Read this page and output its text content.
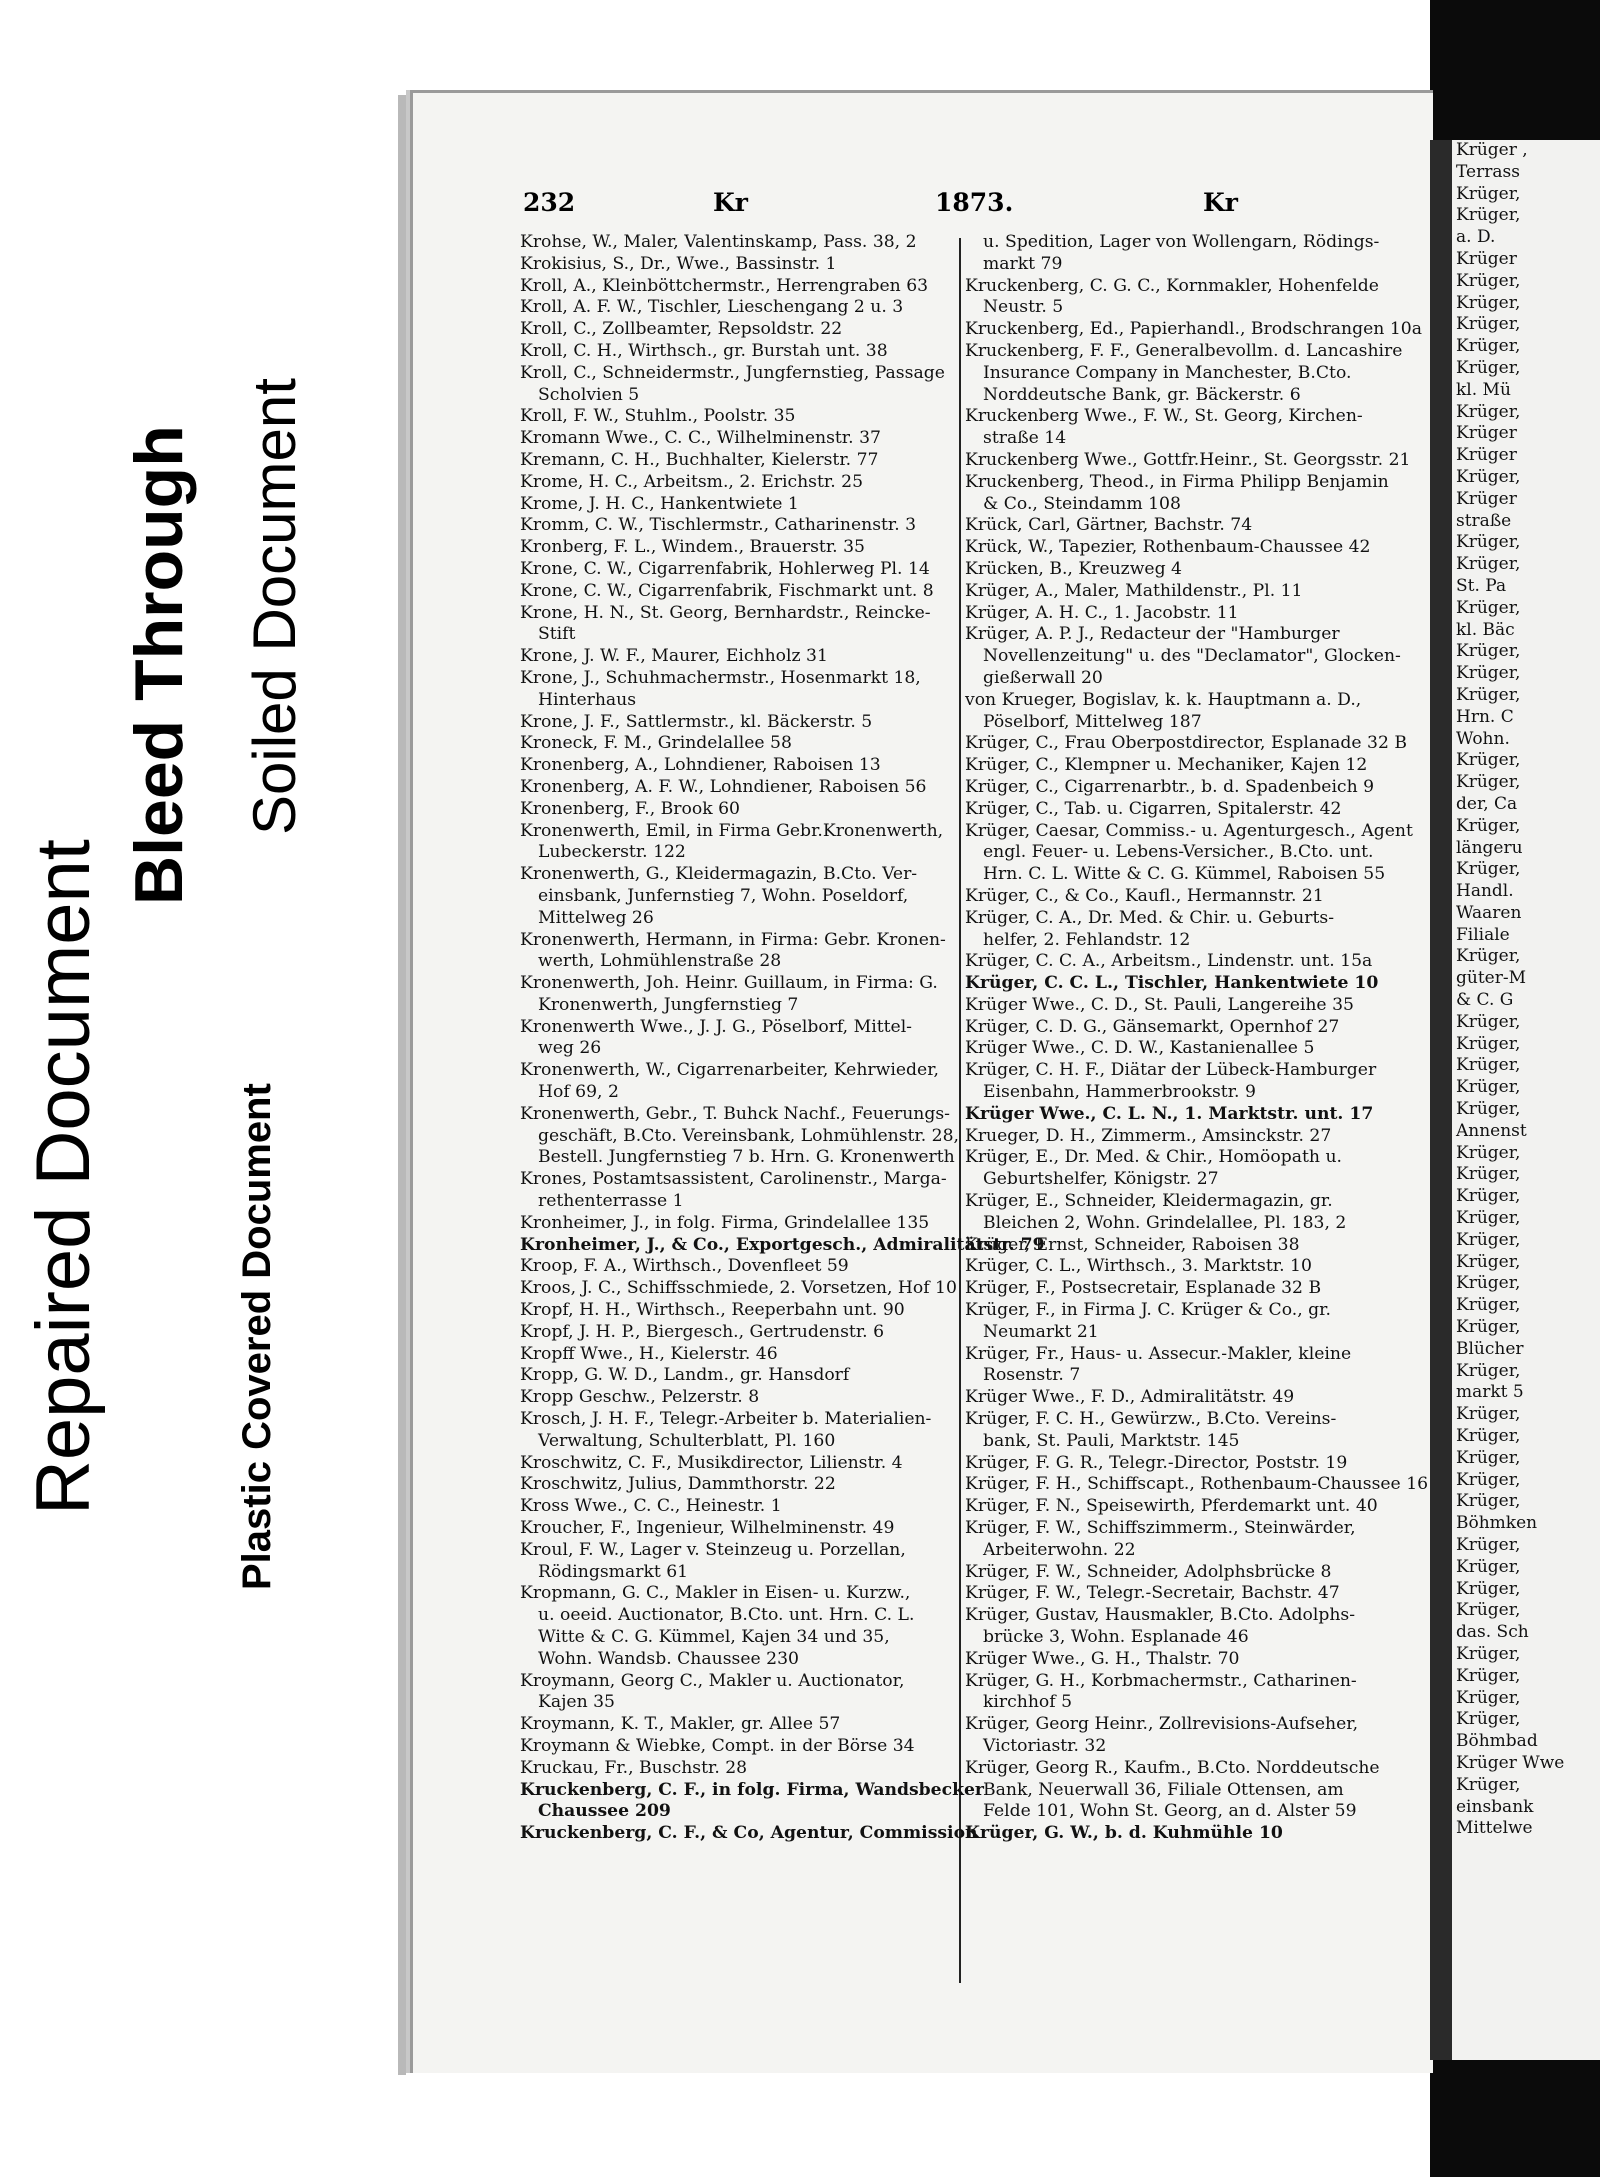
Krüger ,
Terrass
Krüger,
Krüger,
a. D.
Krüger
Krüger,
Krüger,
Krüger,
Krüger,
Krüger,
kl. Mü
Krüger,
Krüger
Krüger
Krüger,
Krüger
straße
Krüger,
Krüger,
St. Pa
Krüger,
kl. Bäc
Krüger,
Krüger,
Krüger,
Hrn. C
Wohn.
Krüger,
Krüger,
der, Ca
Krüger,
längeru
Krüger,
Handl.
Waaren
Filiale
Krüger,
güter-M
& C. G
Krüger,
Krüger,
Krüger,
Krüger,
Krüger,
Annenst
Krüger,
Krüger,
Krüger,
Krüger,
Krüger,
Krüger,
Krüger,
Krüger,
Krüger,
Blücher
Krüger,
markt 5
Krüger,
Krüger,
Krüger,
Krüger,
Krüger,
Böhmken
Krüger,
Krüger,
Krüger,
Krüger,
das. Sch
Krüger,
Krüger,
Krüger,
Krüger,
Böhmbad
Krüger Wwe
Krüger,
einsbank
Mittelwe
Bleed Through Soiled Document
Repaired Document	Plastic Covered Document
232	Kr	1873.	Kr
Krohse, W., Maler, Valentinskamp, Pass. 38, 2
Krokisius, S., Dr., Wwe., Bassinstr. 1
Kroll, A., Kleinböttchermstr., Herrengraben 63
Kroll, A. F. W., Tischler, Lieschengang 2 u. 3
Kroll, C., Zollbeamter, Repsoldstr. 22
Kroll, C. H., Wirthsch., gr. Burstah unt. 38
Kroll, C., Schneidermstr., Jungfernstieg, Passage
Scholvien 5
Kroll, F. W., Stuhlm., Poolstr. 35
Kromann Wwe., C. C., Wilhelminenstr. 37
Kremann, C. H., Buchhalter, Kielerstr. 77
Krome, H. C., Arbeitsm., 2. Erichstr. 25
Krome, J. H. C., Hankentwiete 1
Kromm, C. W., Tischlermstr., Catharinenstr. 3
Kronberg, F. L., Windem., Brauerstr. 35
Krone, C. W., Cigarrenfabrik, Hohlerweg Pl. 14
Krone, C. W., Cigarrenfabrik, Fischmarkt unt. 8
Krone, H. N., St. Georg, Bernhardstr., Reincke-
Stift
Krone, J. W. F., Maurer, Eichholz 31
Krone, J., Schuhmachermstr., Hosenmarkt 18,
Hinterhaus
Krone, J. F., Sattlermstr., kl. Bäckerstr. 5
Kroneck, F. M., Grindelallee 58
Kronenberg, A., Lohndiener, Raboisen 13
Kronenberg, A. F. W., Lohndiener, Raboisen 56
Kronenberg, F., Brook 60
Kronenwerth, Emil, in Firma Gebr.Kronenwerth,
Lubeckerstr. 122
Kronenwerth, G., Kleidermagazin, B.Cto. Ver-
einsbank, Junfernstieg 7, Wohn. Poseldorf,
Mittelweg 26
Kronenwerth, Hermann, in Firma: Gebr. Kronen-
werth, Lohmühlenstraße 28
Kronenwerth, Joh. Heinr. Guillaum, in Firma: G.
Kronenwerth, Jungfernstieg 7
Kronenwerth Wwe., J. J. G., Pöselborf, Mittel-
weg 26
Kronenwerth, W., Cigarrenarbeiter, Kehrwieder,
Hof 69, 2
Kronenwerth, Gebr., T. Buhck Nachf., Feuerungs-
geschäft, B.Cto. Vereinsbank, Lohmühlenstr. 28,
Bestell. Jungfernstieg 7 b. Hrn. G. Kronenwerth
Krones, Postamtsassistent, Carolinenstr., Marga-
rethenterrasse 1
Kronheimer, J., in folg. Firma, Grindelallee 135
Kronheimer, J., & Co., Exportgesch., Admiralitätstr. 79
Kroop, F. A., Wirthsch., Dovenfleet 59
Kroos, J. C., Schiffsschmiede, 2. Vorsetzen, Hof 10
Kropf, H. H., Wirthsch., Reeperbahn unt. 90
Kropf, J. H. P., Biergesch., Gertrudenstr. 6
Kropff Wwe., H., Kielerstr. 46
Kropp, G. W. D., Landm., gr. Hansdorf
Kropp Geschw., Pelzerstr. 8
Krosch, J. H. F., Telegr.-Arbeiter b. Materialien-
Verwaltung, Schulterblatt, Pl. 160
Kroschwitz, C. F., Musikdirector, Lilienstr. 4
Kroschwitz, Julius, Dammthorstr. 22
Kross Wwe., C. C., Heinestr. 1
Kroucher, F., Ingenieur, Wilhelminenstr. 49
Kroul, F. W., Lager v. Steinzeug u. Porzellan,
Rödingsmarkt 61
Kropmann, G. C., Makler in Eisen- u. Kurzw.,
u. oeeid. Auctionator, B.Cto. unt. Hrn. C. L.
Witte & C. G. Kümmel, Kajen 34 und 35,
Wohn. Wandsb. Chaussee 230
Kroymann, Georg C., Makler u. Auctionator,
Kajen 35
Kroymann, K. T., Makler, gr. Allee 57
Kroymann & Wiebke, Compt. in der Börse 34
Kruckau, Fr., Buschstr. 28
Kruckenberg, C. F., in folg. Firma, Wandsbecker
Chaussee 209
Kruckenberg, C. F., & Co, Agentur, Commission
u. Spedition, Lager von Wollengarn, Rödings-
markt 79
Kruckenberg, C. G. C., Kornmakler, Hohenfelde
Neustr. 5
Kruckenberg, Ed., Papierhandl., Brodschrangen 10a
Kruckenberg, F. F., Generalbevollm. d. Lancashire
Insurance Company in Manchester, B.Cto.
Norddeutsche Bank, gr. Bäckerstr. 6
Kruckenberg Wwe., F. W., St. Georg, Kirchen-
straße 14
Kruckenberg Wwe., Gottfr.Heinr., St. Georgsstr. 21
Kruckenberg, Theod., in Firma Philipp Benjamin
& Co., Steindamm 108
Krück, Carl, Gärtner, Bachstr. 74
Krück, W., Tapezier, Rothenbaum-Chaussee 42
Krücken, B., Kreuzweg 4
Krüger, A., Maler, Mathildenstr., Pl. 11
Krüger, A. H. C., 1. Jacobstr. 11
Krüger, A. P. J., Redacteur der "Hamburger
Novellenzeitung" u. des "Declamator", Glocken-
gießerwall 20
von Krueger, Bogislav, k. k. Hauptmann a. D.,
Pöselborf, Mittelweg 187
Krüger, C., Frau Oberpostdirector, Esplanade 32 B
Krüger, C., Klempner u. Mechaniker, Kajen 12
Krüger, C., Cigarrenarbtr., b. d. Spadenbeich 9
Krüger, C., Tab. u. Cigarren, Spitalerstr. 42
Krüger, Caesar, Commiss.- u. Agenturgesch., Agent
engl. Feuer- u. Lebens-Versicher., B.Cto. unt.
Hrn. C. L. Witte & C. G. Kümmel, Raboisen 55
Krüger, C., & Co., Kaufl., Hermannstr. 21
Krüger, C. A., Dr. Med. & Chir. u. Geburts-
helfer, 2. Fehlandstr. 12
Krüger, C. C. A., Arbeitsm., Lindenstr. unt. 15a
Krüger, C. C. L., Tischler, Hankentwiete 10
Krüger Wwe., C. D., St. Pauli, Langereihe 35
Krüger, C. D. G., Gänsemarkt, Opernhof 27
Krüger Wwe., C. D. W., Kastanienallee 5
Krüger, C. H. F., Diätar der Lübeck-Hamburger
Eisenbahn, Hammerbrookstr. 9
Krüger Wwe., C. L. N., 1. Marktstr. unt. 17
Krueger, D. H., Zimmerm., Amsinckstr. 27
Krüger, E., Dr. Med. & Chir., Homöopath u.
Geburtshelfer, Königstr. 27
Krüger, E., Schneider, Kleidermagazin, gr.
Bleichen 2, Wohn. Grindelallee, Pl. 183, 2
Krüger, Ernst, Schneider, Raboisen 38
Krüger, C. L., Wirthsch., 3. Marktstr. 10
Krüger, F., Postsecretair, Esplanade 32 B
Krüger, F., in Firma J. C. Krüger & Co., gr.
Neumarkt 21
Krüger, Fr., Haus- u. Assecur.-Makler, kleine
Rosenstr. 7
Krüger Wwe., F. D., Admiralitätstr. 49
Krüger, F. C. H., Gewürzw., B.Cto. Vereins-
bank, St. Pauli, Marktstr. 145
Krüger, F. G. R., Telegr.-Director, Poststr. 19
Krüger, F. H., Schiffscapt., Rothenbaum-Chaussee 16
Krüger, F. N., Speisewirth, Pferdemarkt unt. 40
Krüger, F. W., Schiffszimmerm., Steinwärder,
Arbeiterwohn. 22
Krüger, F. W., Schneider, Adolphsbrücke 8
Krüger, F. W., Telegr.-Secretair, Bachstr. 47
Krüger, Gustav, Hausmakler, B.Cto. Adolphs-
brücke 3, Wohn. Esplanade 46
Krüger Wwe., G. H., Thalstr. 70
Krüger, G. H., Korbmachermstr., Catharinen-
kirchhof 5
Krüger, Georg Heinr., Zollrevisions-Aufseher,
Victoriastr. 32
Krüger, Georg R., Kaufm., B.Cto. Norddeutsche
Bank, Neuerwall 36, Filiale Ottensen, am
Felde 101, Wohn St. Georg, an d. Alster 59
Krüger, G. W., b. d. Kuhmühle 10
